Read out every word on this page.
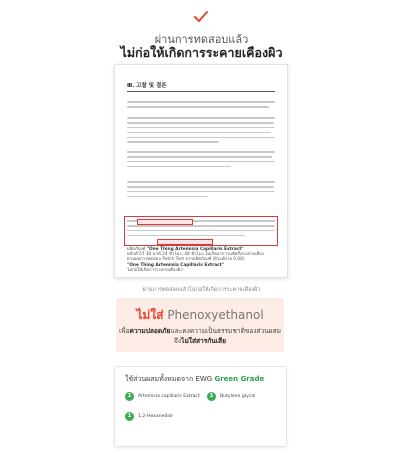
ผ่านการทดสอบแล้ว
ไม่ก่อให้เกิดการระคายเคืองผิว
Ⅲ. 고찰 및 결론
ผลิตภัณฑ์ "One Thing Artemisia Capillaris Extract"
หลังทำไว้ 30 นาที,24 ชั่วโมง, 48 ชั่วโมง ไม่เกิดอาการแพ้หรือระคายเคือง
ตามผลการทดสอบ Patch Test จากผลิตภัณฑ์ (ผิวแพ้ง่าย 0.00)
"One Thing Artemisia Capillaris Extract"
ไม่ก่อให้เกิดการระคายเคืองผิว
ผ่านการทดสอบแล้วไม่ก่อให้เกิดการระคายเคืองผิว
ไม่ใส่ Phenoxyethanol
เพื่อความปลอดภัยและคงความเป็นธรรมชาติของส่วนผสม
จึงไม่ใส่สารกันเสีย
ใช้ส่วนผสมทั้งหมดจาก EWG Green Grade
1	Artemisia capillaris Extract	1	Butylene glycol
1	1,2-Hexanediol
